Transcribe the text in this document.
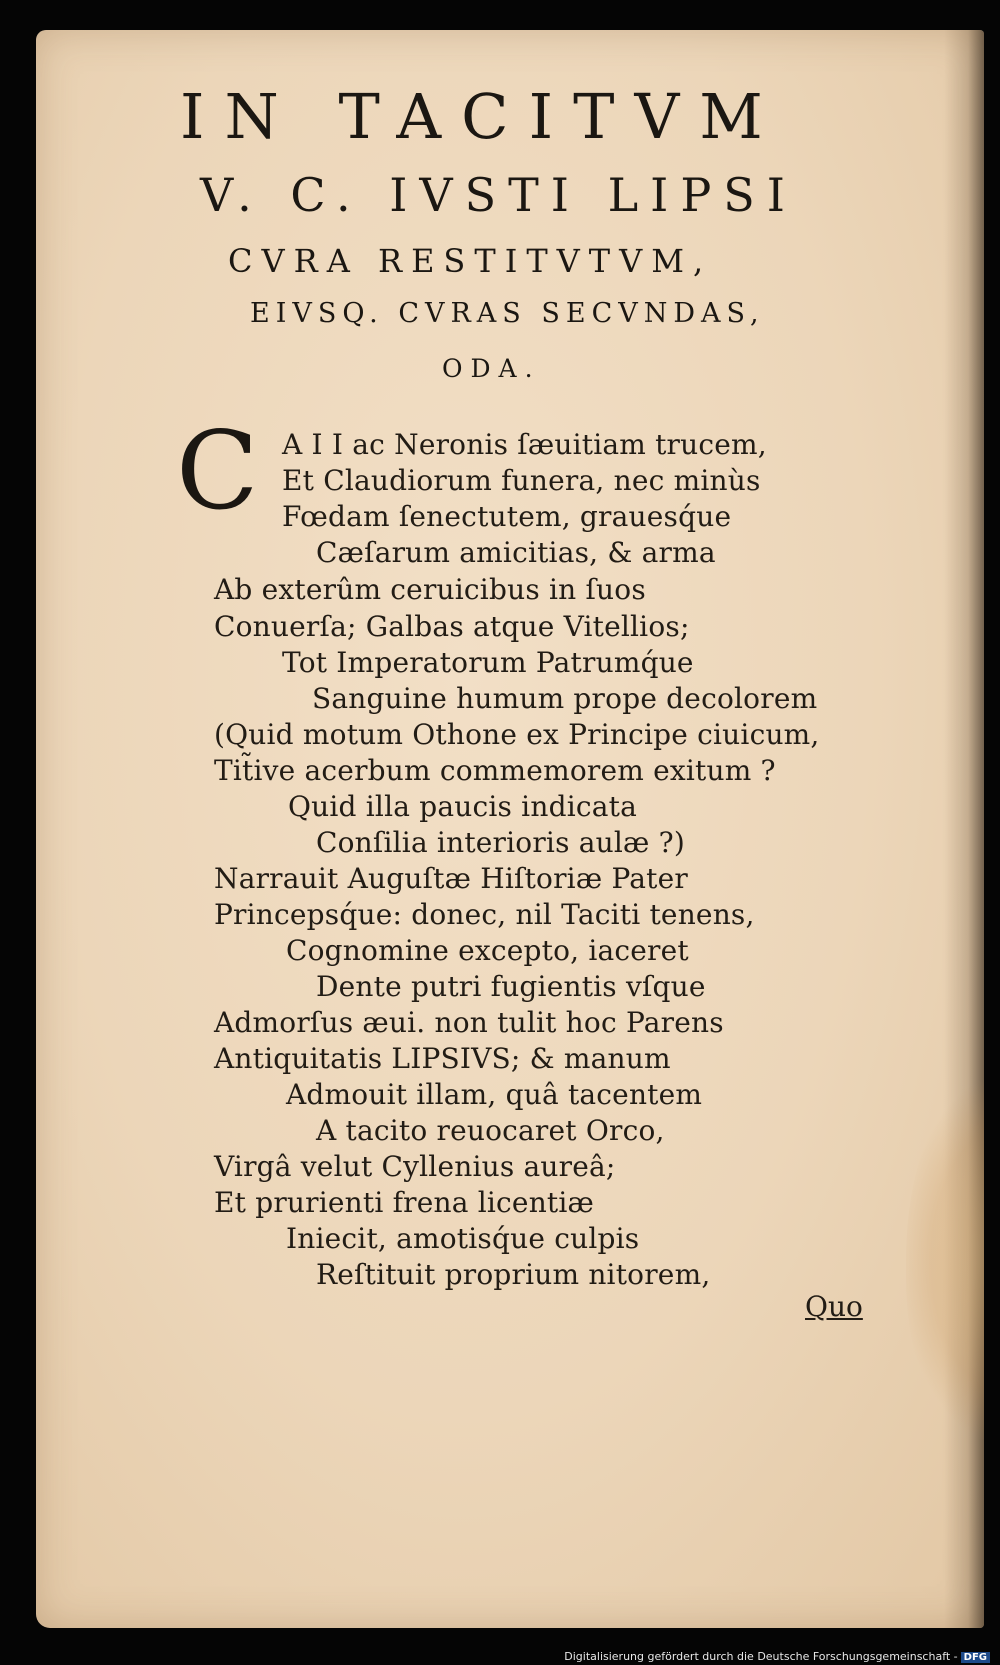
IN TACITVM
V. C. IVSTI LIPSI
CVRA RESTITVTVM,
EIVSQ. CVRAS SECVNDAS,
ODA.
C A I I ac Neronis ſæuitiam trucem,
Et Claudiorum funera, nec minùs
Fœdam ſenectutem, grauesq́ue
Cæſarum amicitias, & arma
Ab exterûm ceruicibus in ſuos
Conuerſa; Galbas atque Vitellios;
Tot Imperatorum Patrumq́ue
Sanguine humum prope decolorem
(Quid motum Othone ex Principe ciuicum,
Tit̃ive acerbum commemorem exitum ?
Quid illa paucis indicata
Conſilia interioris aulæ ?)
Narrauit Auguſtæ Hiſtoriæ Pater
Princepsq́ue: donec, nil Taciti tenens,
Cognomine excepto, iaceret
Dente putri fugientis vſque
Admorſus æui. non tulit hoc Parens
Antiquitatis LIPSIVS; & manum
Admouit illam, quâ tacentem
A tacito reuocaret Orco,
Virgâ velut Cyllenius aureâ;
Et prurienti frena licentiæ
Iniecit, amotisq́ue culpis
Reſtituit proprium nitorem,
Quo
Digitalisierung gefördert durch die Deutsche Forschungsgemeinschaft - DFG
